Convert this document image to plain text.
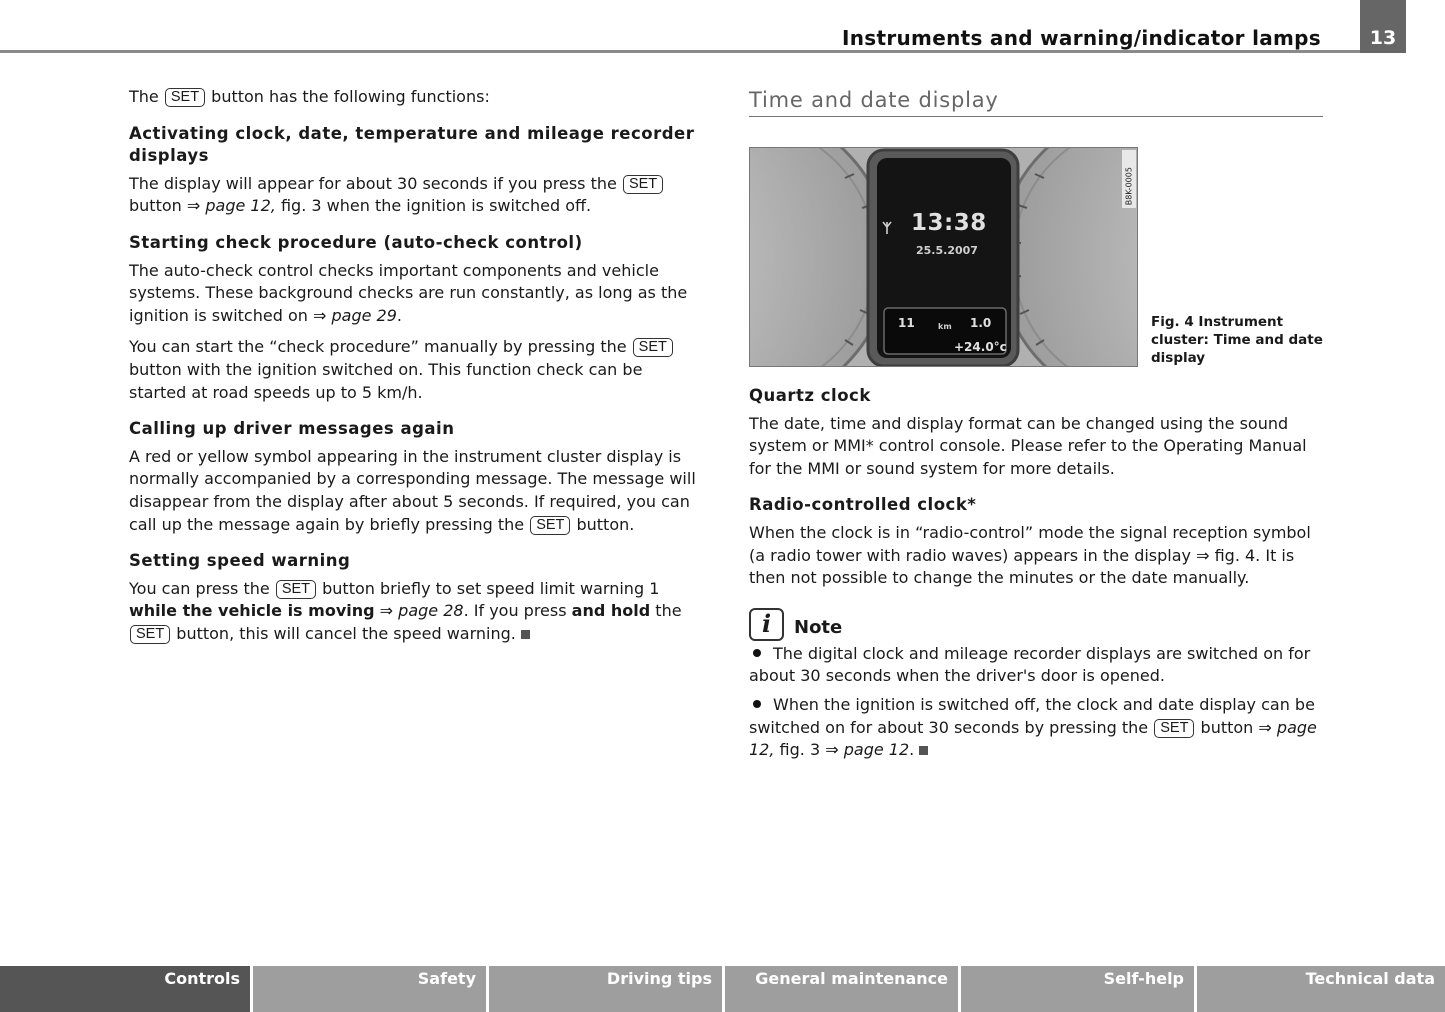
Instruments and warning/indicator lamps	13

The SET button has the following functions:

Activating clock, date, temperature and mileage recorder displays

The display will appear for about 30 seconds if you press the SET button ⇒ page 12, fig. 3 when the ignition is switched off.

Starting check procedure (auto-check control)

The auto-check control checks important components and vehicle systems. These background checks are run constantly, as long as the ignition is switched on ⇒ page 29.

You can start the “check procedure” manually by pressing the SET button with the ignition switched on. This function check can be started at road speeds up to 5 km/h.

Calling up driver messages again

A red or yellow symbol appearing in the instrument cluster display is normally accompanied by a corresponding message. The message will disappear from the display after about 5 seconds. If required, you can call up the message again by briefly pressing the SET button.

Setting speed warning

You can press the SET button briefly to set speed limit warning 1 while the vehicle is moving ⇒ page 28. If you press and hold the SET button, this will cancel the speed warning.

Time and date display
13:38
25.5.2007
11	km 1.0
+24.0°c
B8K-0005
Fig. 4 Instrument cluster: Time and date display
Quartz clock

The date, time and display format can be changed using the sound system or MMI* control console. Please refer to the Operating Manual for the MMI or sound system for more details.

Radio-controlled clock*

When the clock is in “radio-control” mode the signal reception symbol (a radio tower with radio waves) appears in the display ⇒ fig. 4. It is then not possible to change the minutes or the date manually.

i	Note

The digital clock and mileage recorder displays are switched on for about 30 seconds when the driver's door is opened.

When the ignition is switched off, the clock and date display can be switched on for about 30 seconds by pressing the SET button ⇒ page 12, fig. 3 ⇒ page 12.

Controls	Safety	Driving tips	General maintenance	Self-help	Technical data
